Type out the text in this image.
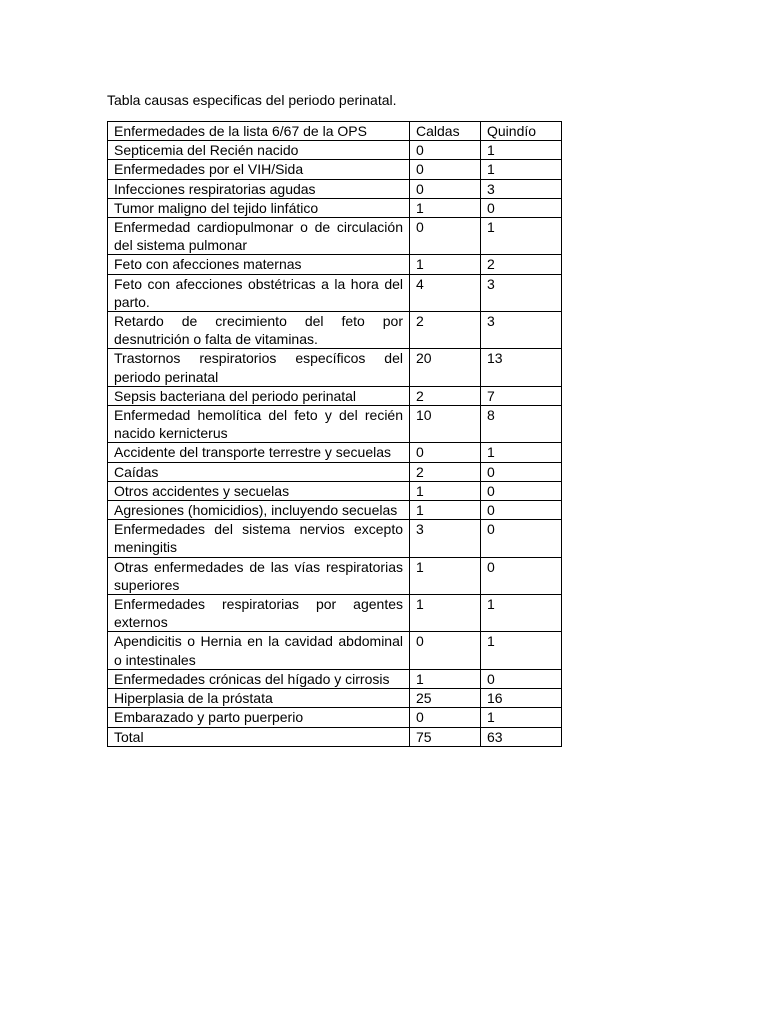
Tabla causas especificas del periodo perinatal.
Enfermedades de la lista 6/67 de la OPS	Caldas	Quindío
Septicemia del Recién nacido	0	1
Enfermedades por el VIH/Sida	0	1
Infecciones respiratorias agudas	0	3
Tumor maligno del tejido linfático	1	0
Enfermedad cardiopulmonar o de circulación del sistema pulmonar	0	1
Feto con afecciones maternas	1	2
Feto con afecciones obstétricas a la hora del parto.	4	3
Retardo de crecimiento del feto por desnutrición o falta de vitaminas.	2	3
Trastornos respiratorios específicos del periodo perinatal	20	13
Sepsis bacteriana del periodo perinatal	2	7
Enfermedad hemolítica del feto y del recién nacido kernicterus	10	8
Accidente del transporte terrestre y secuelas	0	1
Caídas	2	0
Otros accidentes y secuelas	1	0
Agresiones (homicidios), incluyendo secuelas	1	0
Enfermedades del sistema nervios excepto meningitis	3	0
Otras enfermedades de las vías respiratorias superiores	1	0
Enfermedades respiratorias por agentes externos	1	1
Apendicitis o Hernia en la cavidad abdominal o intestinales	0	1
Enfermedades crónicas del hígado y cirrosis	1	0
Hiperplasia de la próstata	25	16
Embarazado y parto puerperio	0	1
Total	75	63
